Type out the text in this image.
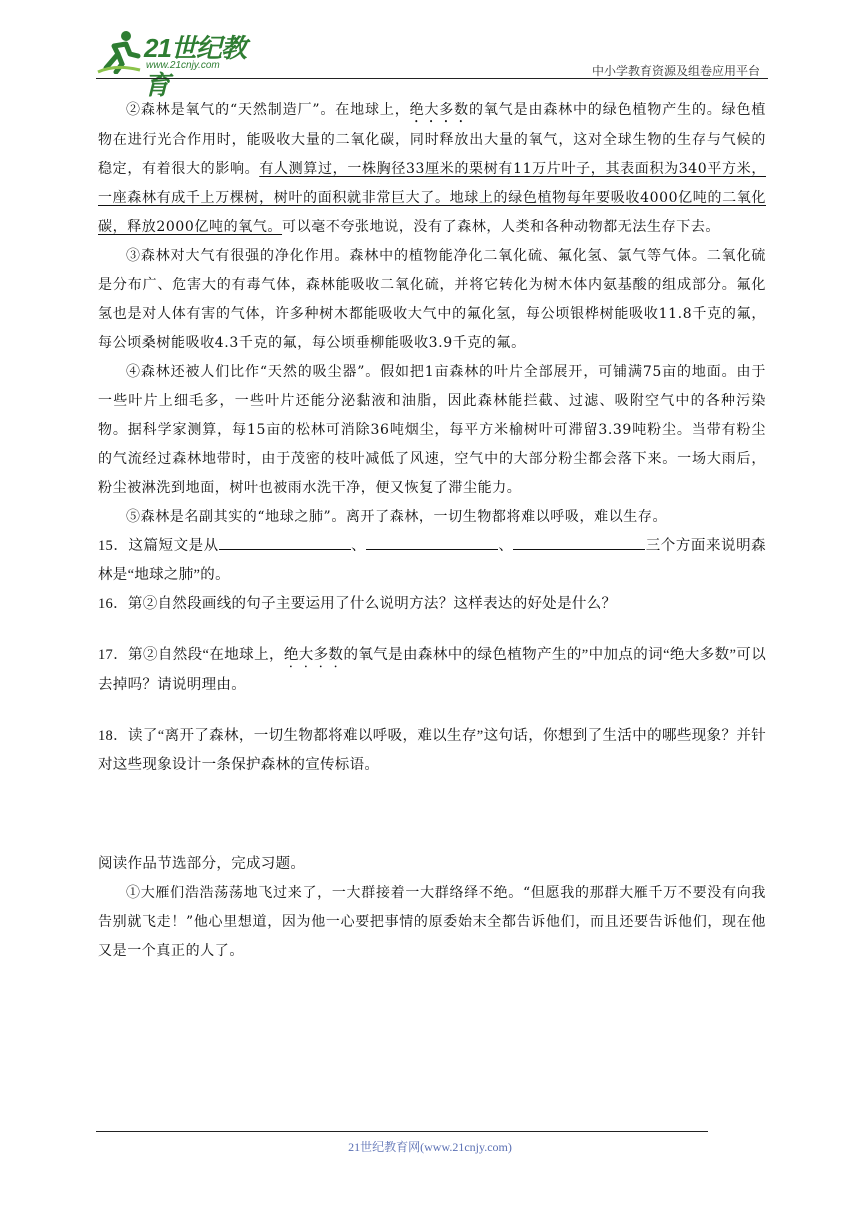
21世纪教育
www.21cnjy.com	中小学教育资源及组卷应用平台

②森林是氧气的“天然制造厂”。在地球上，绝大多数的氧气是由森林中的绿色植物产生的。绿色植物在进行光合作用时，能吸收大量的二氧化碳，同时释放出大量的氧气，这对全球生物的生存与气候的稳定，有着很大的影响。有人测算过，一株胸径33厘米的栗树有11万片叶子，其表面积为340平方米，一座森林有成千上万棵树，树叶的面积就非常巨大了。地球上的绿色植物每年要吸收4000亿吨的二氧化碳，释放2000亿吨的氧气。可以毫不夸张地说，没有了森林，人类和各种动物都无法生存下去。

③森林对大气有很强的净化作用。森林中的植物能净化二氧化硫、氟化氢、氯气等气体。二氧化硫是分布广、危害大的有毒气体，森林能吸收二氧化硫，并将它转化为树木体内氨基酸的组成部分。氟化氢也是对人体有害的气体，许多种树木都能吸收大气中的氟化氢，每公顷银桦树能吸收11.8千克的氟，每公顷桑树能吸收4.3千克的氟，每公顷垂柳能吸收3.9千克的氟。

④森林还被人们比作“天然的吸尘器”。假如把1亩森林的叶片全部展开，可铺满75亩的地面。由于一些叶片上细毛多，一些叶片还能分泌黏液和油脂，因此森林能拦截、过滤、吸附空气中的各种污染物。据科学家测算，每15亩的松林可消除36吨烟尘，每平方米榆树叶可滞留3.39吨粉尘。当带有粉尘的气流经过森林地带时，由于茂密的枝叶减低了风速，空气中的大部分粉尘都会落下来。一场大雨后，粉尘被淋洗到地面，树叶也被雨水洗干净，便又恢复了滞尘能力。

⑤森林是名副其实的“地球之肺”。离开了森林，一切生物都将难以呼吸，难以生存。

15．这篇短文是从	、	、	三个方面来说明森林是“地球之肺”的。

16．第②自然段画线的句子主要运用了什么说明方法？这样表达的好处是什么？

17．第②自然段“在地球上，绝大多数的氧气是由森林中的绿色植物产生的”中加点的词“绝大多数”可以去掉吗？请说明理由。

18．读了“离开了森林，一切生物都将难以呼吸，难以生存”这句话，你想到了生活中的哪些现象？并针对这些现象设计一条保护森林的宣传标语。

阅读作品节选部分，完成习题。

①大雁们浩浩荡荡地飞过来了，一大群接着一大群络绎不绝。“但愿我的那群大雁千万不要没有向我告别就飞走！”他心里想道，因为他一心要把事情的原委始末全都告诉他们，而且还要告诉他们，现在他又是一个真正的人了。

21世纪教育网(www.21cnjy.com)
